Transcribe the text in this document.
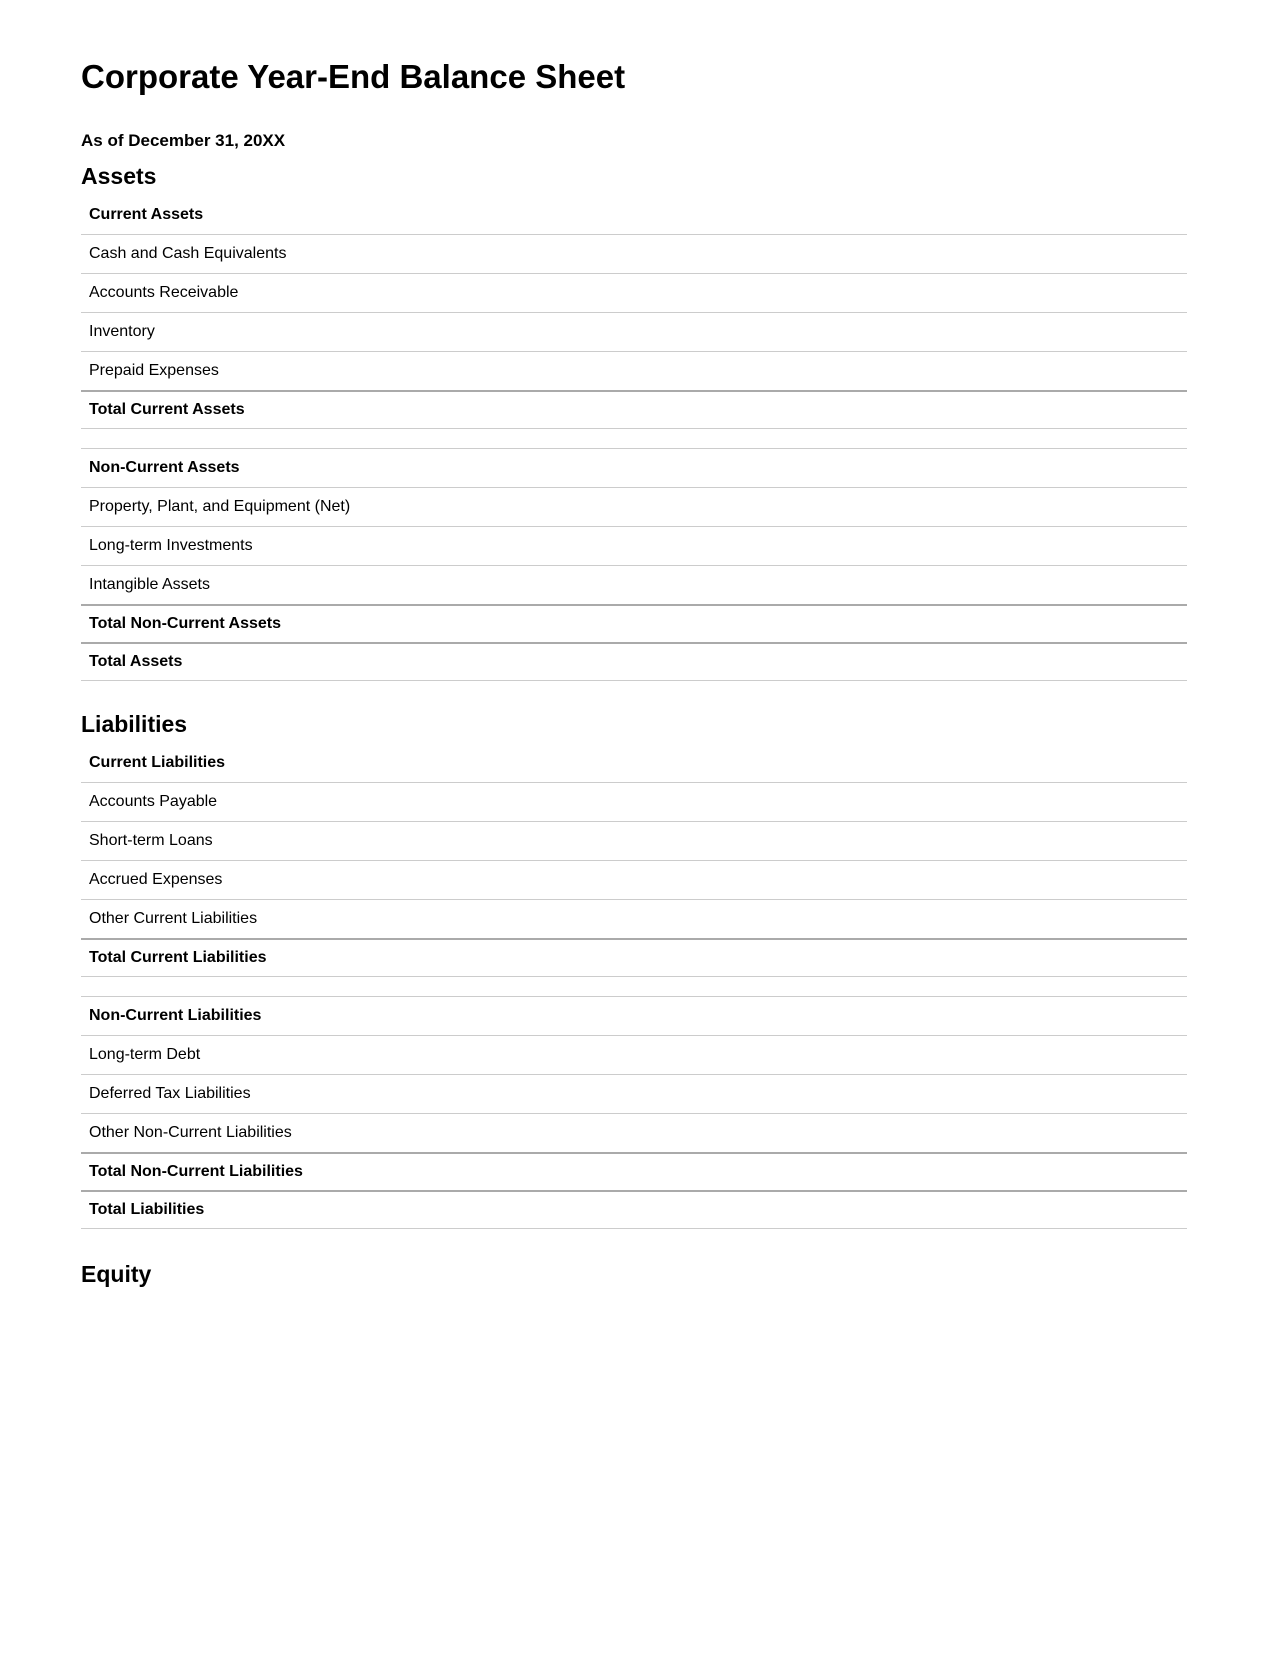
Corporate Year-End Balance Sheet
As of December 31, 20XX
Assets
Current Assets
Cash and Cash Equivalents
Accounts Receivable
Inventory
Prepaid Expenses
Total Current Assets

Non-Current Assets
Property, Plant, and Equipment (Net)
Long-term Investments
Intangible Assets
Total Non-Current Assets
Total Assets
Liabilities
Current Liabilities
Accounts Payable
Short-term Loans
Accrued Expenses
Other Current Liabilities
Total Current Liabilities

Non-Current Liabilities
Long-term Debt
Deferred Tax Liabilities
Other Non-Current Liabilities
Total Non-Current Liabilities
Total Liabilities
Equity
